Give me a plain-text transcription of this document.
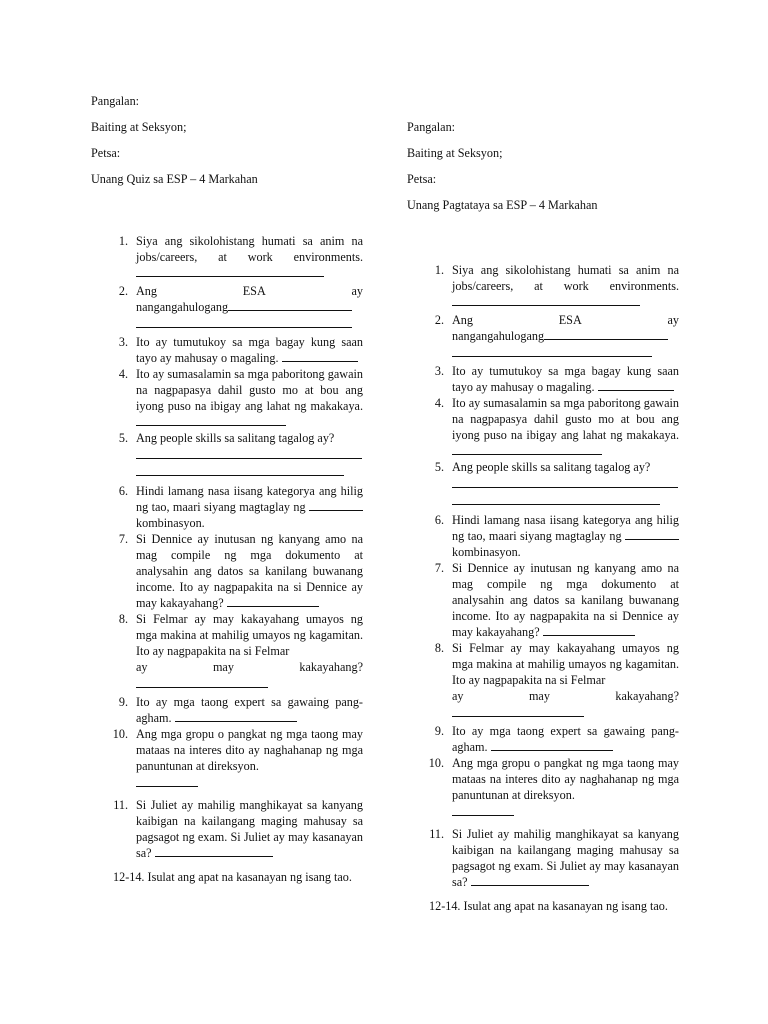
Pangalan:
Baiting at Seksyon;
Petsa:
Unang Quiz sa ESP – 4 Markahan
1. Siya ang sikolohistang humati sa anim na jobs/careers, at work environments.
2. Ang	ESA	ay
nangangahulogang
3. Ito ay tumutukoy sa mga bagay kung saan tayo ay mahusay o magaling.
4. Ito ay sumasalamin sa mga paboritong gawain na nagpapasya dahil gusto mo at bou ang iyong puso na ibigay ang lahat ng makakaya.
5. Ang people skills sa salitang tagalog ay?
6. Hindi lamang nasa iisang kategorya ang hilig ng tao, maari siyang magtaglay ng kombinasyon.
7. Si Dennice ay inutusan ng kanyang amo na mag compile ng mga dokumento at analysahin ang datos sa kanilang buwanang income. Ito ay nagpapakita na si Dennice ay may kakayahang?
8. Si Felmar ay may kakayahang umayos ng mga makina at mahilig umayos ng kagamitan. Ito ay nagpapakita na si Felmar
ay	may	kakayahang?
9. Ito ay mga taong expert sa gawaing pang-agham.
10. Ang mga gropu o pangkat ng mga taong may mataas na interes dito ay naghahanap ng mga panuntunan at direksyon.
11. Si Juliet ay mahilig manghikayat sa kanyang kaibigan na kailangang maging mahusay sa pagsagot ng exam. Si Juliet ay may kasanayan sa?
12-14. Isulat ang apat na kasanayan ng isang tao.
Pangalan:
Baiting at Seksyon;
Petsa:
Unang Pagtataya sa ESP – 4 Markahan
1. Siya ang sikolohistang humati sa anim na jobs/careers, at work environments.
2. Ang	ESA	ay
nangangahulogang
3. Ito ay tumutukoy sa mga bagay kung saan tayo ay mahusay o magaling.
4. Ito ay sumasalamin sa mga paboritong gawain na nagpapasya dahil gusto mo at bou ang iyong puso na ibigay ang lahat ng makakaya.
5. Ang people skills sa salitang tagalog ay?
6. Hindi lamang nasa iisang kategorya ang hilig ng tao, maari siyang magtaglay ng kombinasyon.
7. Si Dennice ay inutusan ng kanyang amo na mag compile ng mga dokumento at analysahin ang datos sa kanilang buwanang income. Ito ay nagpapakita na si Dennice ay may kakayahang?
8. Si Felmar ay may kakayahang umayos ng mga makina at mahilig umayos ng kagamitan. Ito ay nagpapakita na si Felmar
ay	may	kakayahang?
9. Ito ay mga taong expert sa gawaing pang-agham.
10. Ang mga gropu o pangkat ng mga taong may mataas na interes dito ay naghahanap ng mga panuntunan at direksyon.
11. Si Juliet ay mahilig manghikayat sa kanyang kaibigan na kailangang maging mahusay sa pagsagot ng exam. Si Juliet ay may kasanayan sa?
12-14. Isulat ang apat na kasanayan ng isang tao.
